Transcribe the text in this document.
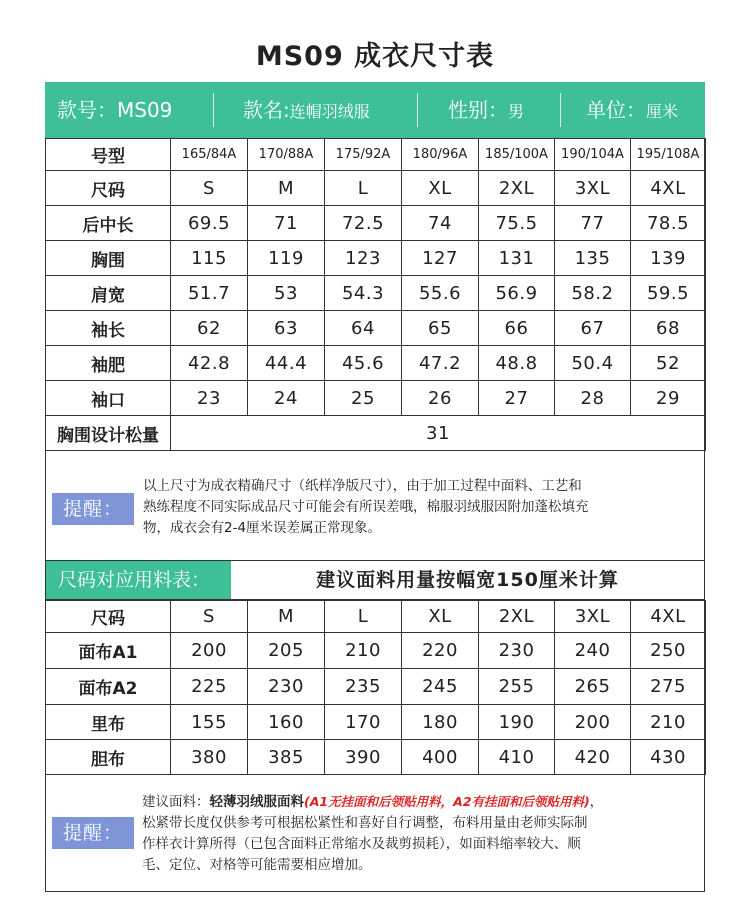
MS09 成衣尺寸表
款号：MS09	款名:连帽羽绒服	性别：男	单位：厘米
号型	165/84A	170/88A	175/92A	180/96A	185/100A	190/104A	195/108A
尺码	S	M	L	XL	2XL	3XL	4XL
后中长	69.5	71	72.5	74	75.5	77	78.5
胸围	115	119	123	127	131	135	139
肩宽	51.7	53	54.3	55.6	56.9	58.2	59.5
袖长	62	63	64	65	66	67	68
袖肥	42.8	44.4	45.6	47.2	48.8	50.4	52
袖口	23	24	25	26	27	28	29
胸围设计松量	31						
提醒：
以上尺寸为成衣精确尺寸（纸样净版尺寸），由于加工过程中面料、工艺和
熟练程度不同实际成品尺寸可能会有所误差哦，棉服羽绒服因附加蓬松填充
物，成衣会有2-4厘米误差属正常现象。
尺码对应用料表：	建议面料用量按幅宽150厘米计算
尺码	S	M	L	XL	2XL	3XL	4XL
面布A1	200	205	210	220	230	240	250
面布A2	225	230	235	245	255	265	275
里布	155	160	170	180	190	200	210
胆布	380	385	390	400	410	420	430
提醒：
建议面料：轻薄羽绒服面料(A1无挂面和后领贴用料，A2有挂面和后领贴用料)，
松紧带长度仅供参考可根据松紧性和喜好自行调整，布料用量由老师实际制
作样衣计算所得（已包含面料正常缩水及裁剪损耗），如面料缩率较大、顺
毛、定位、对格等可能需要相应增加。
